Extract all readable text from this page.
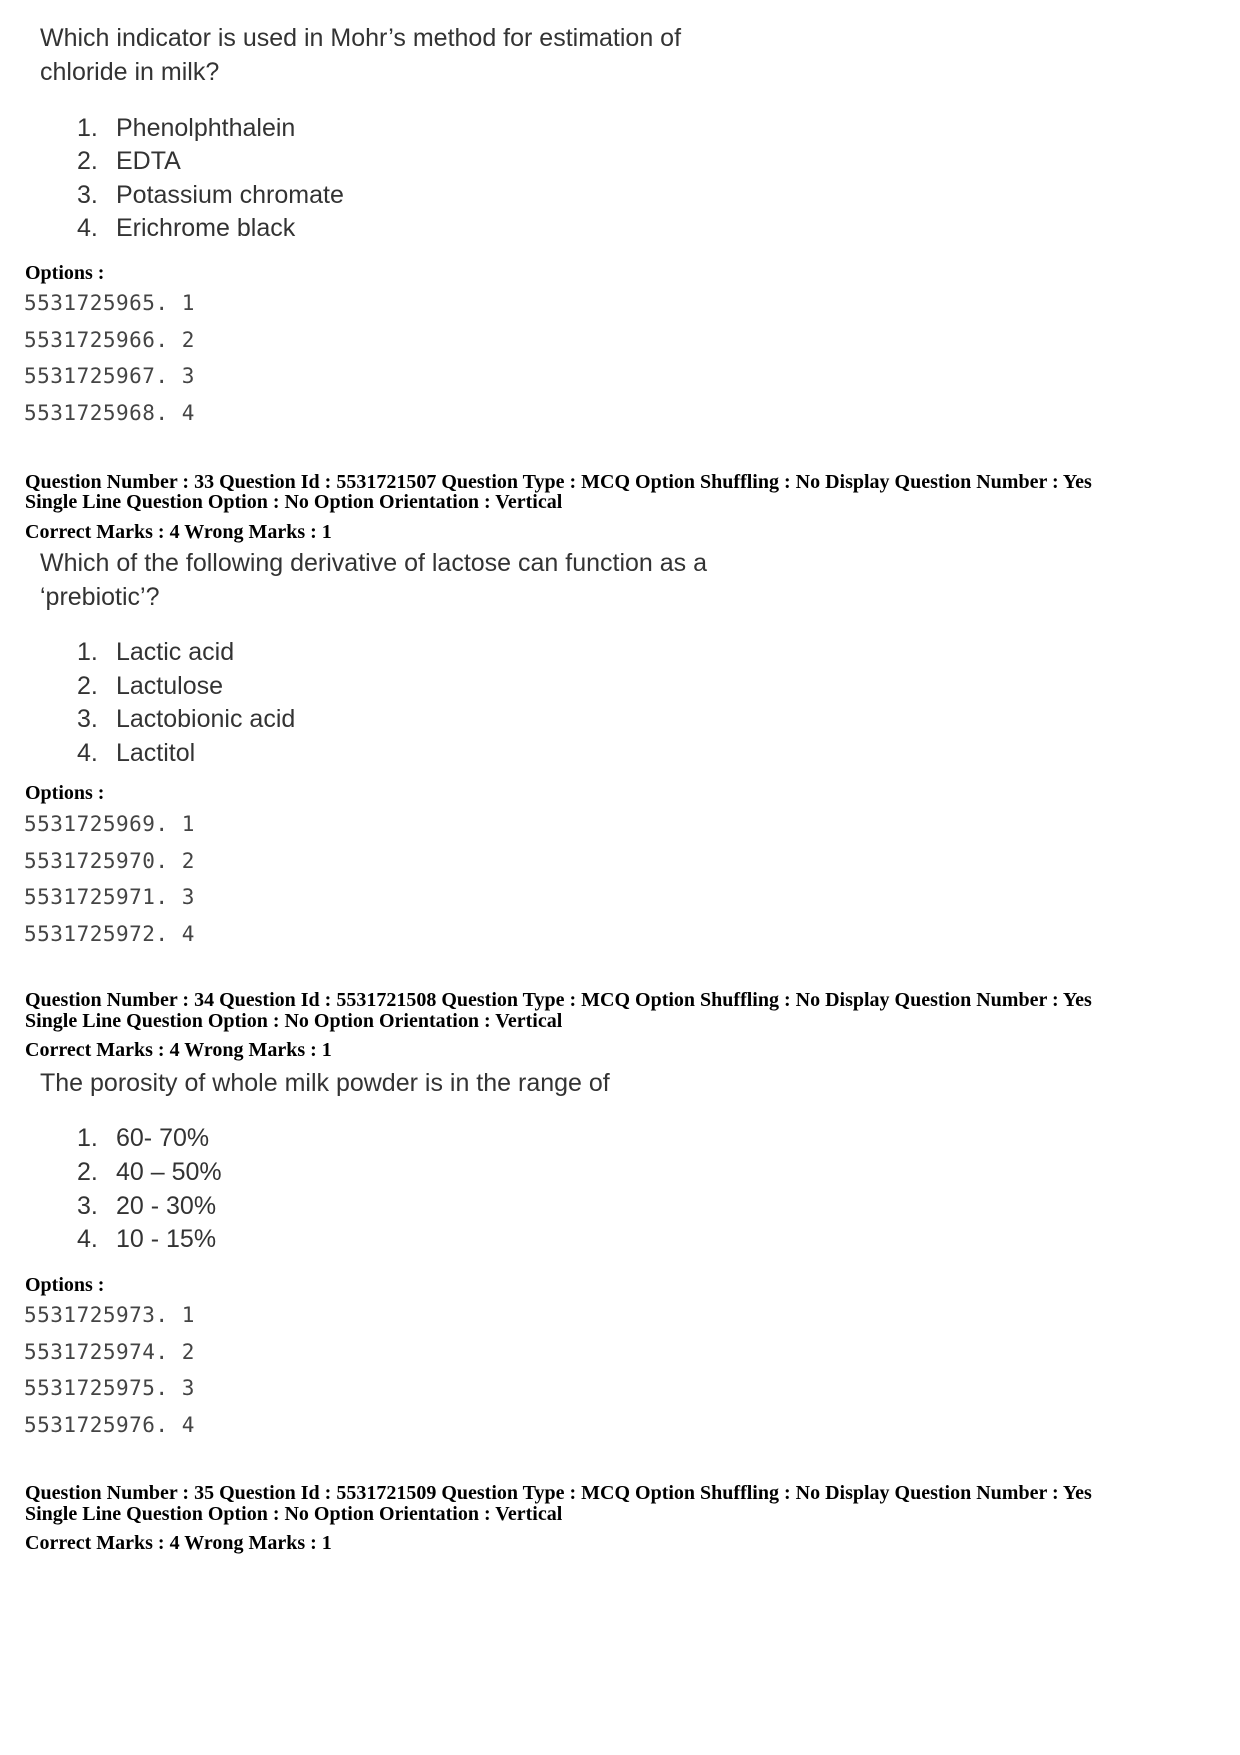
Which indicator is used in Mohr’s method for estimation of
chloride in milk?
1. Phenolphthalein
2. EDTA
3. Potassium chromate
4. Erichrome black
Options :
5531725965. 1
5531725966. 2
5531725967. 3
5531725968. 4
Question Number : 33 Question Id : 5531721507 Question Type : MCQ Option Shuffling : No Display Question Number : Yes
Single Line Question Option : No Option Orientation : Vertical
Correct Marks : 4 Wrong Marks : 1
Which of the following derivative of lactose can function as a
‘prebiotic’?
1. Lactic acid
2. Lactulose
3. Lactobionic acid
4. Lactitol
Options :
5531725969. 1
5531725970. 2
5531725971. 3
5531725972. 4
Question Number : 34 Question Id : 5531721508 Question Type : MCQ Option Shuffling : No Display Question Number : Yes
Single Line Question Option : No Option Orientation : Vertical
Correct Marks : 4 Wrong Marks : 1
The porosity of whole milk powder is in the range of
1. 60- 70%
2. 40 – 50%
3. 20 - 30%
4. 10 - 15%
Options :
5531725973. 1
5531725974. 2
5531725975. 3
5531725976. 4
Question Number : 35 Question Id : 5531721509 Question Type : MCQ Option Shuffling : No Display Question Number : Yes
Single Line Question Option : No Option Orientation : Vertical
Correct Marks : 4 Wrong Marks : 1
